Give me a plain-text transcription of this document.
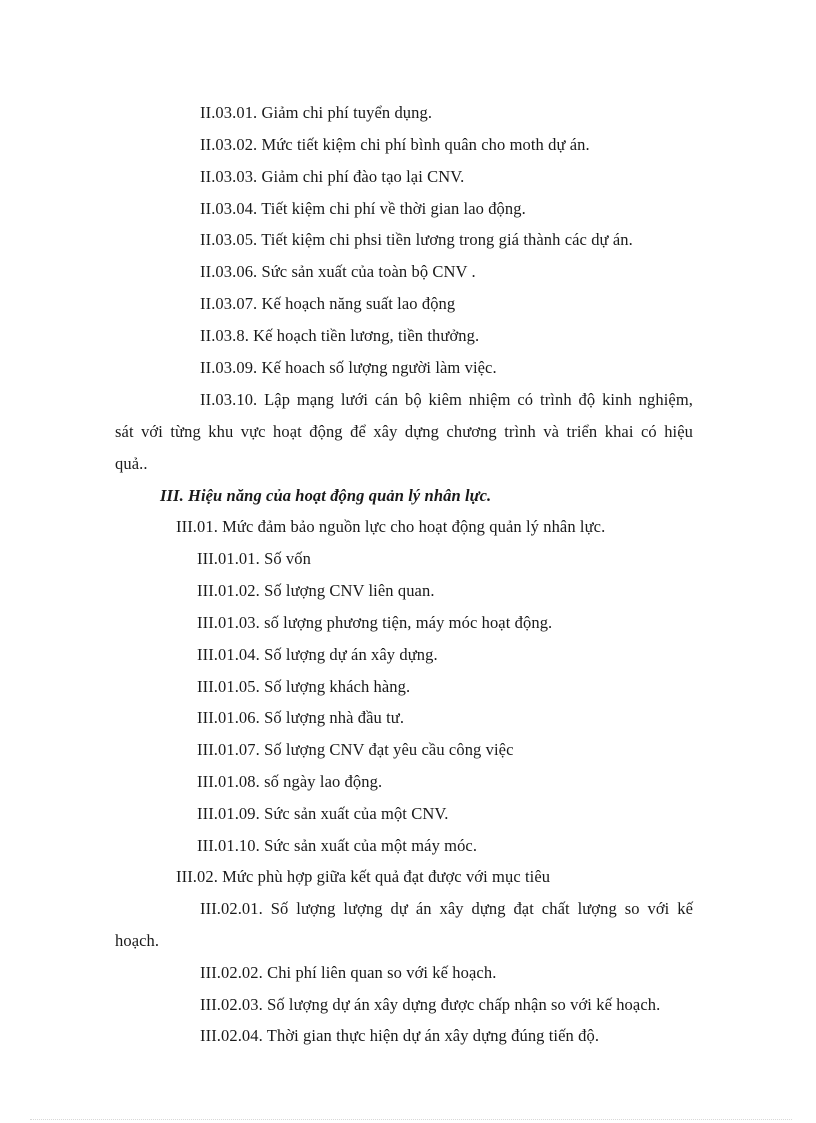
II.03.01. Giảm chi phí tuyển dụng.
II.03.02. Mức tiết kiệm chi phí bình quân cho moth dự án.
II.03.03. Giảm chi phí đào tạo lại CNV.
II.03.04. Tiết kiệm chi phí về thời gian lao động.
II.03.05. Tiết kiệm chi phsi tiền lương trong giá thành các dự án.
II.03.06. Sức sản xuất của toàn bộ CNV .
II.03.07. Kế hoạch năng suất lao động
II.03.8. Kế hoạch tiền lương, tiền thưởng.
II.03.09. Kế hoach số lượng người làm việc.
II.03.10. Lập mạng lưới cán bộ kiêm nhiệm có trình độ kinh nghiệm,
sát với từng khu vực hoạt động để xây dựng chương trình và triển khai có hiệu
quả..
III. Hiệu năng của hoạt động quản lý nhân lực.
III.01. Mức đảm bảo nguồn lực cho hoạt động quản lý nhân lực.
III.01.01. Số vốn
III.01.02. Số lượng CNV liên quan.
III.01.03. số lượng phương tiện, máy móc hoạt động.
III.01.04. Số lượng dự án xây dựng.
III.01.05. Số lượng khách hàng.
III.01.06. Số lượng nhà đầu tư.
III.01.07. Số lượng CNV đạt yêu cầu công việc
III.01.08. số ngày lao động.
III.01.09. Sức sản xuất của một CNV.
III.01.10. Sức sản xuất của một máy móc.
III.02. Mức phù hợp giữa kết quả đạt được với mục tiêu
III.02.01. Số lượng lượng dự án xây dựng đạt chất lượng so với kế
hoạch.
III.02.02. Chi phí liên quan so với kế hoạch.
III.02.03. Số lượng dự án xây dựng được chấp nhận so với kế hoạch.
III.02.04. Thời gian thực hiện dự án xây dựng đúng tiến độ.
